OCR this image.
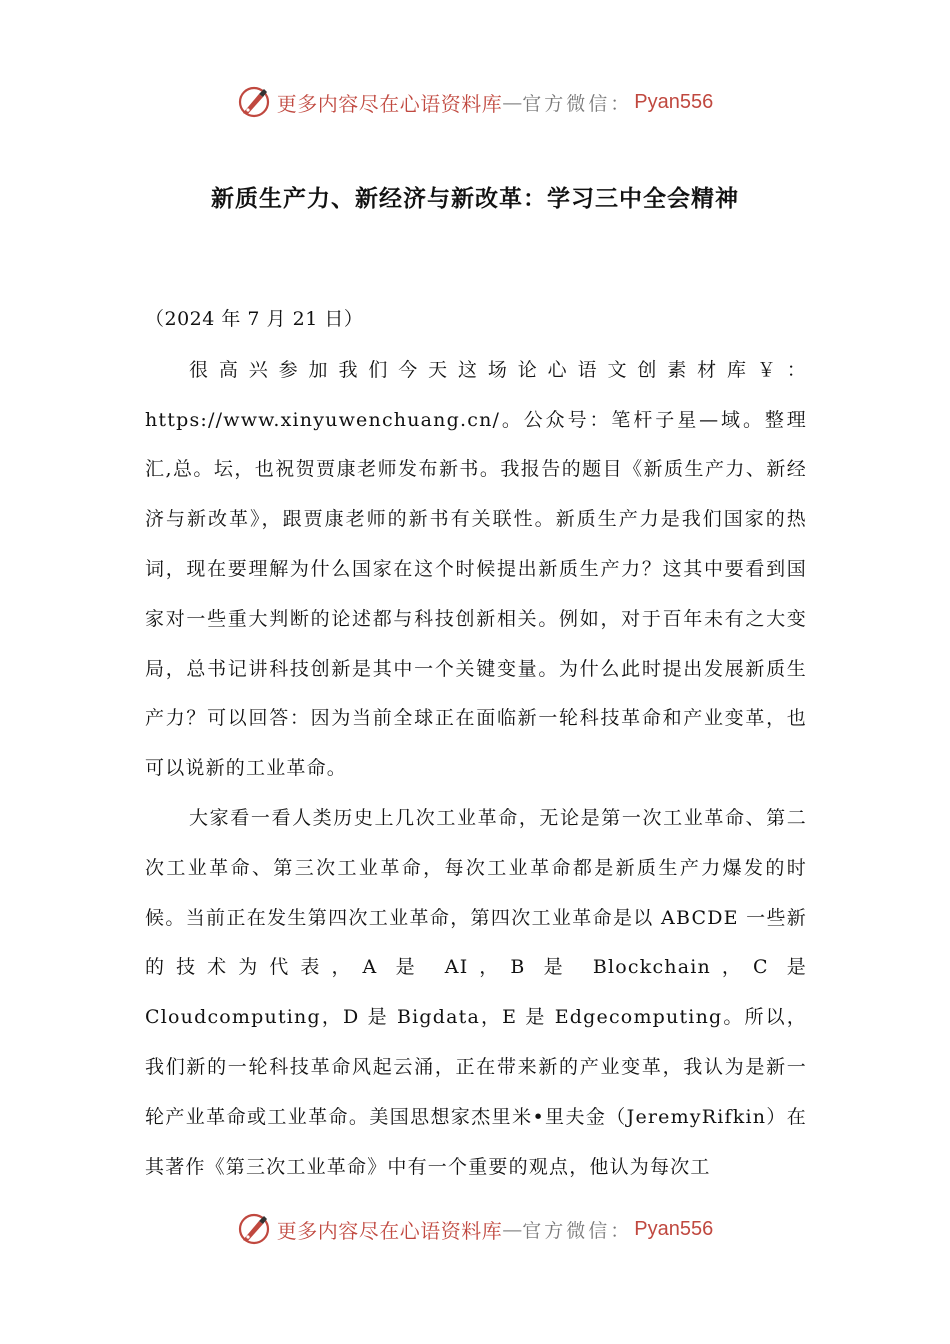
更多内容尽在心语资料库 — 官方微信： Pyan556
新质生产力、新经济与新改革：学习三中全会精神

（2024 年 7 月 21 日）

很高兴参加我们今天这场论心语文创素材库￥：https://www.xinyuwenchuang.cn/。公众号：笔杆子星—域。整理汇,总。坛，也祝贺贾康老师发布新书。我报告的题目《新质生产力、新经济与新改革》，跟贾康老师的新书有关联性。新质生产力是我们国家的热词，现在要理解为什么国家在这个时候提出新质生产力？这其中要看到国家对一些重大判断的论述都与科技创新相关。例如，对于百年未有之大变局，总书记讲科技创新是其中一个关键变量。为什么此时提出发展新质生产力？可以回答：因为当前全球正在面临新一轮科技革命和产业变革，也可以说新的工业革命。

大家看一看人类历史上几次工业革命，无论是第一次工业革命、第二次工业革命、第三次工业革命，每次工业革命都是新质生产力爆发的时候。当前正在发生第四次工业革命，第四次工业革命是以 ABCDE 一些新的技术为代表，A 是 AI，B 是 Blockchain，C 是 Cloudcomputing，D 是 Bigdata，E 是 Edgecomputing。所以，我们新的一轮科技革命风起云涌，正在带来新的产业变革，我认为是新一轮产业革命或工业革命。美国思想家杰里米•里夫金（JeremyRifkin）在其著作《第三次工业革命》中有一个重要的观点，他认为每次工

更多内容尽在心语资料库 — 官方微信： Pyan556
